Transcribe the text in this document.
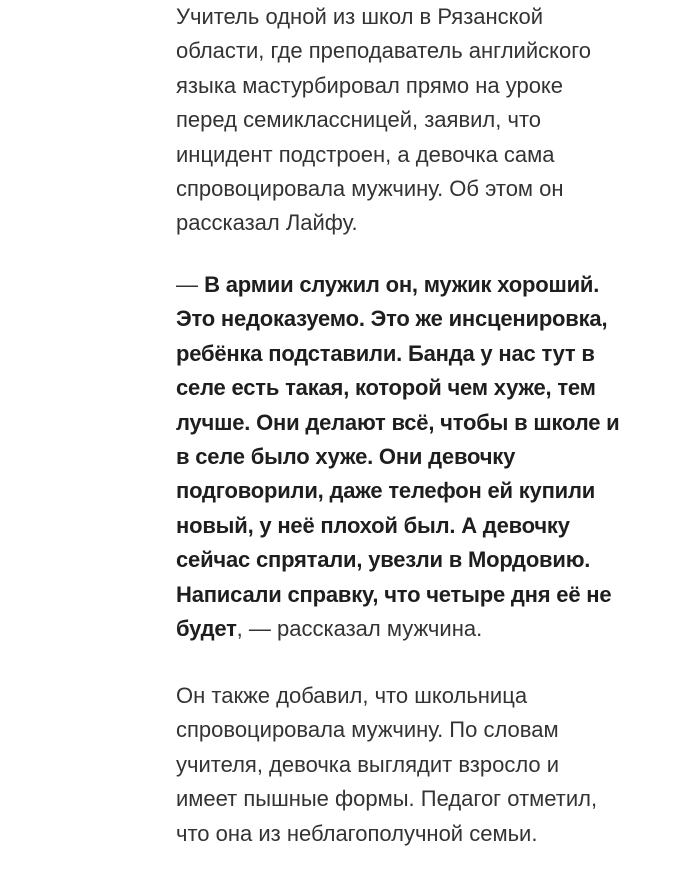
Учитель одной из школ в Рязанской
области, где преподаватель английского
языка мастурбировал прямо на уроке
перед семиклассницей, заявил, что
инцидент подстроен, а девочка сама
спровоцировала мужчину. Об этом он
рассказал Лайфу.
— В армии служил он, мужик хороший.
Это недоказуемо. Это же инсценировка,
ребёнка подставили. Банда у нас тут в
селе есть такая, которой чем хуже, тем
лучше. Они делают всё, чтобы в школе и
в селе было хуже. Они девочку
подговорили, даже телефон ей купили
новый, у неё плохой был. А девочку
сейчас спрятали, увезли в Мордовию.
Написали справку, что четыре дня её не
будет, — рассказал мужчина.
Он также добавил, что школьница
спровоцировала мужчину. По словам
учителя, девочка выглядит взросло и
имеет пышные формы. Педагог отметил,
что она из неблагополучной семьи.
